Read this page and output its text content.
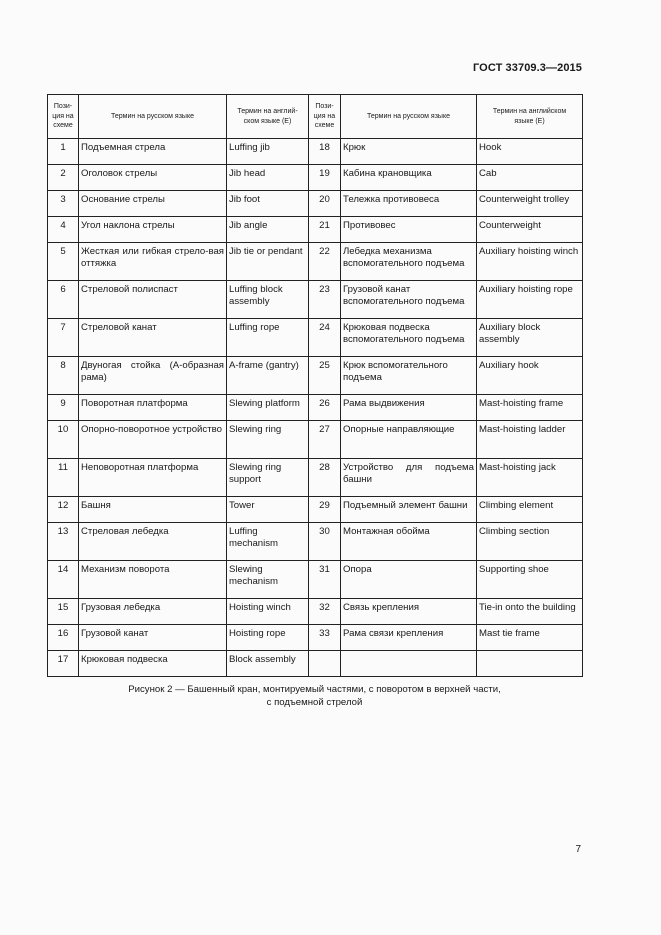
ГОСТ 33709.3—2015
Пози-
ция на
схеме	Термин на русском языке	Термин на англий-
ском языке (E)	Пози-
ция на
схеме	Термин на русском языке	Термин на английском
языке (E)
1	Подъемная стрела	Luffing jib	18	Крюк	Hook
2	Оголовок стрелы	Jib head	19	Кабина крановщика	Cab
3	Основание стрелы	Jib foot	20	Тележка противовеса	Counterweight trolley
4	Угол наклона стрелы	Jib angle	21	Противовес	Counterweight
5	Жесткая или гибкая стрело-вая оттяжка	Jib tie or pendant	22	Лебедка механизма вспомогательного подъема	Auxiliary hoisting winch
6	Стреловой полиспаст	Luffing block assembly	23	Грузовой канат вспомогательного подъема	Auxiliary hoisting rope
7	Стреловой канат	Luffing rope	24	Крюковая подвеска вспомогательного подъема	Auxiliary block assembly
8	Двуногая стойка (А-образная рама)	A-frame (gantry)	25	Крюк вспомогательного подъема	Auxiliary hook
9	Поворотная платформа	Slewing platform	26	Рама выдвижения	Mast-hoisting frame
10	Опорно-поворотное устройство	Slewing ring	27	Опорные направляющие	Mast-hoisting ladder
11	Неповоротная платформа	Slewing ring support	28	Устройство для подъема башни	Mast-hoisting jack
12	Башня	Tower	29	Подъемный элемент башни	Climbing element
13	Стреловая лебедка	Luffing mechanism	30	Монтажная обойма	Climbing section
14	Механизм поворота	Slewing mechanism	31	Опора	Supporting shoe
15	Грузовая лебедка	Hoisting winch	32	Связь крепления	Tie-in onto the building
16	Грузовой канат	Hoisting rope	33	Рама связи крепления	Mast tie frame
17	Крюковая подвеска	Block assembly			
Рисунок 2 — Башенный кран, монтируемый частями, с поворотом в верхней части,
с подъемной стрелой
7
